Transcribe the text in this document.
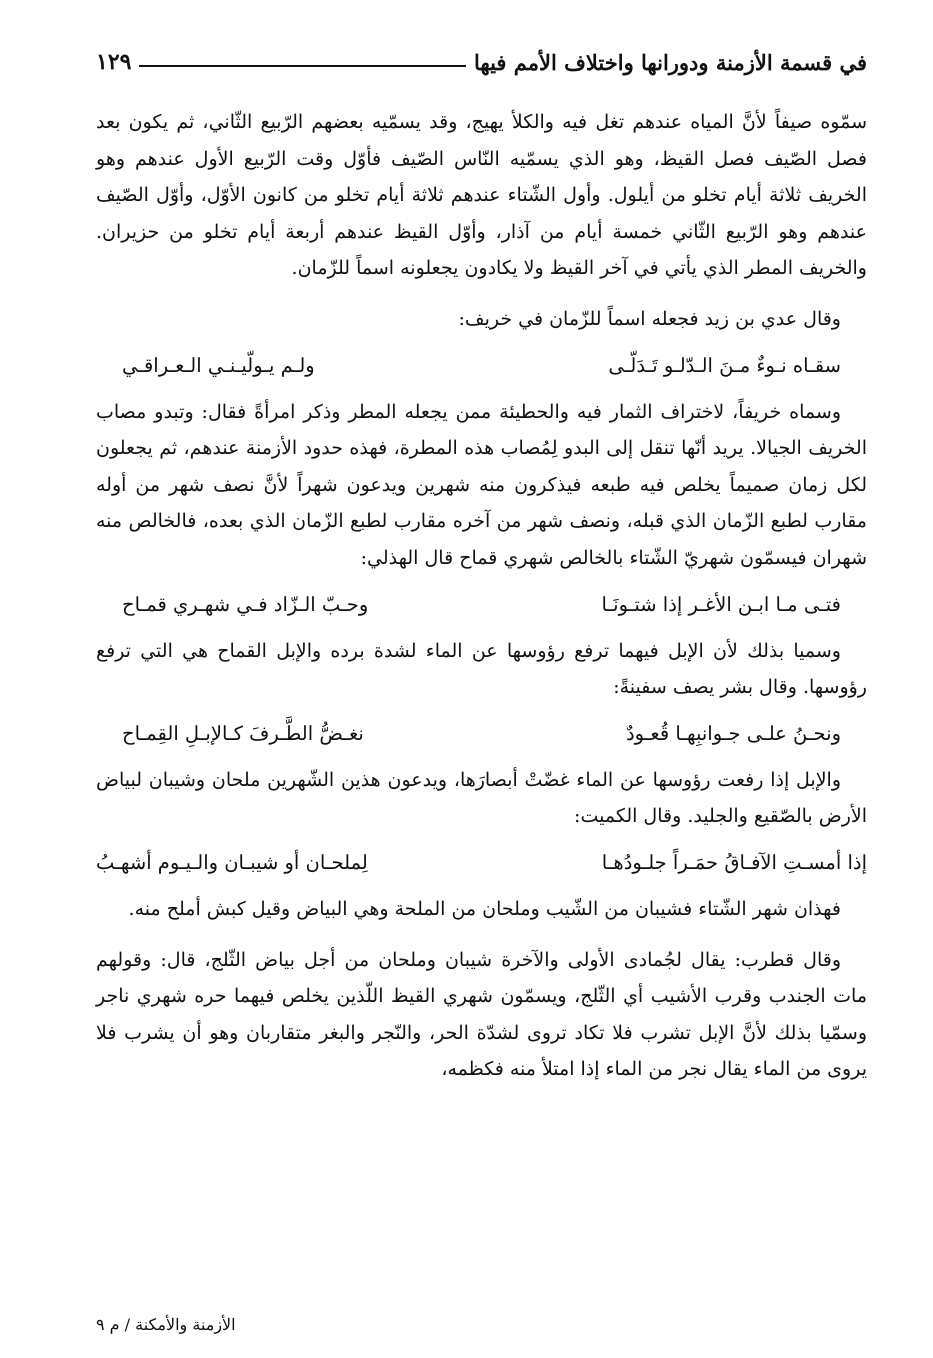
في قسمة الأزمنة ودورانها واختلاف الأمم فيها
١٢٩

سمّوه صيفاً لأنَّ المياه عندهم تغل فيه والكلأ يهيج، وقد يسمّيه بعضهم الرّبيع الثّاني، ثم يكون بعد فصل الصّيف فصل القيظ، وهو الذي يسمّيه النّاس الصّيف فأوّل وقت الرّبيع الأول عندهم وهو الخريف ثلاثة أيام تخلو من أيلول. وأول الشّتاء عندهم ثلاثة أيام تخلو من كانون الأوّل، وأوّل الصّيف عندهم وهو الرّبيع الثّاني خمسة أيام من آذار، وأوّل القيظ عندهم أربعة أيام تخلو من حزيران. والخريف المطر الذي يأتي في آخر القيظ ولا يكادون يجعلونه اسماً للزّمان.

وقال عدي بن زيد فجعله اسماً للزّمان في خريف:

سقـاه نـوءٌ مـنَ الـدّلـو تَـدَلّـى
ولـم يـولّيـنـي الـعـراقـي

وسماه خريفاً، لاختراف الثمار فيه والحطيئة ممن يجعله المطر وذكر امرأةً فقال: وتبدو مصاب الخريف الجيالا. يريد أنّها تنقل إلى البدو لِمُصاب هذه المطرة، فهذه حدود الأزمنة عندهم، ثم يجعلون لكل زمان صميماً يخلص فيه طبعه فيذكرون منه شهرين ويدعون شهراً لأنَّ نصف شهر من أوله مقارب لطبع الزّمان الذي قبله، ونصف شهر من آخره مقارب لطبع الزّمان الذي بعده، فالخالص منه شهران فيسمّون شهريّ الشّتاء بالخالص شهري قماح قال الهذلي:

فتـى مـا ابـن الأغـر إذا شتـونَـا
وحـبّ الـزّاد فـي شهـري قمـاح

وسميا بذلك لأن الإبل فيهما ترفع رؤوسها عن الماء لشدة برده والإبل القماح هي التي ترفع رؤوسها. وقال بشر يصف سفينةً:

ونحـنُ علـى جـوانبِهـا قُعـودٌ
نغـضُّ الطَّـرفَ كـالإبـلِ القِمـاح

والإبل إذا رفعت رؤوسها عن الماء غضّتْ أبصارَها، ويدعون هذين الشّهرين ملحان وشيبان لبياض الأرض بالصّقيع والجليد. وقال الكميت:

إذا أمسـتِ الآفـاقُ حمَـراً جلـودُهـا
لِملحـان أو شيبـان والـيـوم أشهـبُ

فهذان شهر الشّتاء فشيبان من الشّيب وملحان من الملحة وهي البياض وقيل كبش أملح منه.

وقال قطرب: يقال لجُمادى الأولى والآخرة شيبان وملحان من أجل بياض الثّلج، قال: وقولهم مات الجندب وقرب الأشيب أي الثّلج، ويسمّون شهري القيظ اللّذين يخلص فيهما حره شهري ناجر وسمّيا بذلك لأنَّ الإبل تشرب فلا تكاد تروى لشدّة الحر، والنّجر والبغر متقاربان وهو أن يشرب فلا يروى من الماء يقال نجر من الماء إذا امتلأ منه فكظمه،

الأزمنة والأمكنة / م ٩
